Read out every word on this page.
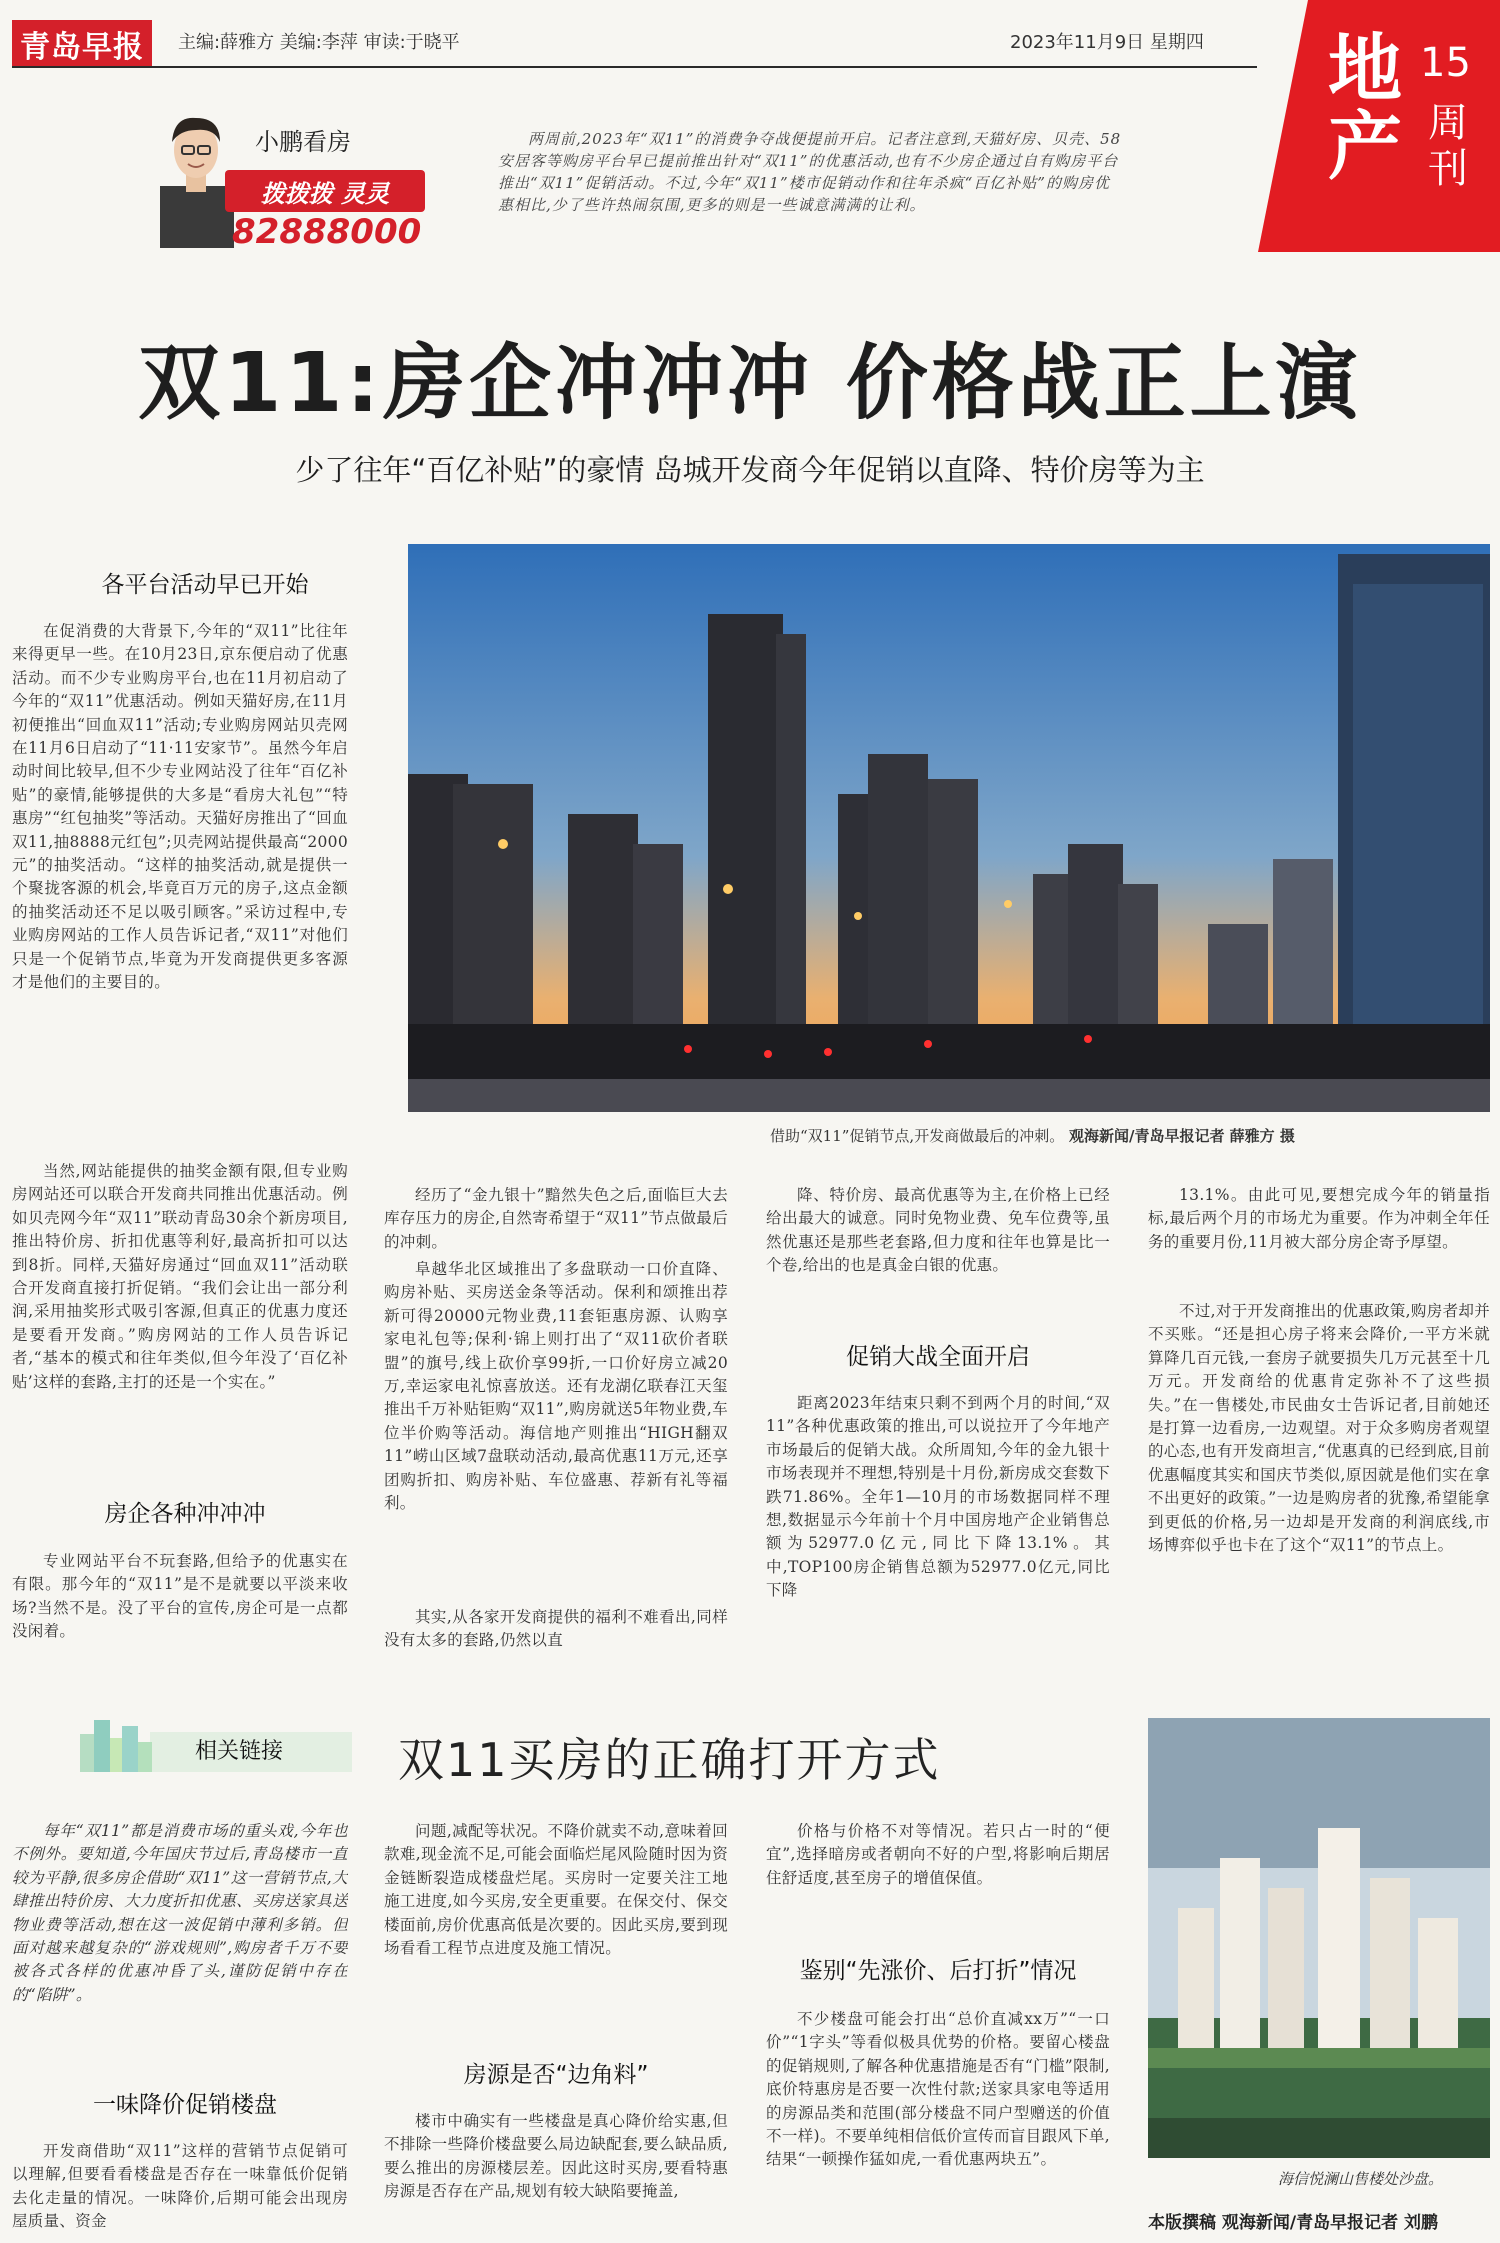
青岛早报	主编:薛雅方 美编:李萍 审读:于晓平	2023年11月9日 星期四 地产
15
周刊
小鹏看房
拨拨拨 灵灵
82888000
两周前,2023年“双11”的消费争夺战便提前开启。记者注意到,天猫好房、贝壳、58安居客等购房平台早已提前推出针对“双11”的优惠活动,也有不少房企通过自有购房平台推出“双11”促销活动。不过,今年“双11”楼市促销动作和往年杀疯“百亿补贴”的购房优惠相比,少了些许热闹氛围,更多的则是一些诚意满满的让利。
双11:房企冲冲冲 价格战正上演
少了往年“百亿补贴”的豪情 岛城开发商今年促销以直降、特价房等为主
各平台活动早已开始
在促消费的大背景下,今年的“双11”比往年来得更早一些。在10月23日,京东便启动了优惠活动。而不少专业购房平台,也在11月初启动了今年的“双11”优惠活动。例如天猫好房,在11月初便推出“回血双11”活动;专业购房网站贝壳网在11月6日启动了“11·11安家节”。虽然今年启动时间比较早,但不少专业网站没了往年“百亿补贴”的豪情,能够提供的大多是“看房大礼包”“特惠房”“红包抽奖”等活动。天猫好房推出了“回血双11,抽8888元红包”;贝壳网站提供最高“2000元”的抽奖活动。“这样的抽奖活动,就是提供一个聚拢客源的机会,毕竟百万元的房子,这点金额的抽奖活动还不足以吸引顾客。”采访过程中,专业购房网站的工作人员告诉记者,“双11”对他们只是一个促销节点,毕竟为开发商提供更多客源才是他们的主要目的。
当然,网站能提供的抽奖金额有限,但专业购房网站还可以联合开发商共同推出优惠活动。例如贝壳网今年“双11”联动青岛30余个新房项目,推出特价房、折扣优惠等利好,最高折扣可以达到8折。同样,天猫好房通过“回血双11”活动联合开发商直接打折促销。“我们会让出一部分利润,采用抽奖形式吸引客源,但真正的优惠力度还是要看开发商。”购房网站的工作人员告诉记者,“基本的模式和往年类似,但今年没了‘百亿补贴’这样的套路,主打的还是一个实在。”
房企各种冲冲冲
专业网站平台不玩套路,但给予的优惠实在有限。那今年的“双11”是不是就要以平淡来收场?当然不是。没了平台的宣传,房企可是一点都没闲着。
借助“双11”促销节点,开发商做最后的冲刺。 观海新闻/青岛早报记者 薛雅方 摄
经历了“金九银十”黯然失色之后,面临巨大去库存压力的房企,自然寄希望于“双11”节点做最后的冲刺。
阜越华北区域推出了多盘联动一口价直降、购房补贴、买房送金条等活动。保利和颂推出荐新可得20000元物业费,11套钜惠房源、认购享家电礼包等;保利·锦上则打出了“双11砍价者联盟”的旗号,线上砍价享99折,一口价好房立减20万,幸运家电礼惊喜放送。还有龙湖亿联春江天玺推出千万补贴钜购“双11”,购房就送5年物业费,车位半价购等活动。海信地产则推出“HIGH翻双11”崂山区域7盘联动活动,最高优惠11万元,还享团购折扣、购房补贴、车位盛惠、荐新有礼等福利。
其实,从各家开发商提供的福利不难看出,同样没有太多的套路,仍然以直
降、特价房、最高优惠等为主,在价格上已经给出最大的诚意。同时免物业费、免车位费等,虽然优惠还是那些老套路,但力度和往年也算是比一个卷,给出的也是真金白银的优惠。
促销大战全面开启
距离2023年结束只剩不到两个月的时间,“双11”各种优惠政策的推出,可以说拉开了今年地产市场最后的促销大战。众所周知,今年的金九银十市场表现并不理想,特别是十月份,新房成交套数下跌71.86%。全年1—10月的市场数据同样不理想,数据显示今年前十个月中国房地产企业销售总额为52977.0亿元,同比下降13.1%。其中,TOP100房企销售总额为52977.0亿元,同比下降
13.1%。由此可见,要想完成今年的销量指标,最后两个月的市场尤为重要。作为冲刺全年任务的重要月份,11月被大部分房企寄予厚望。
不过,对于开发商推出的优惠政策,购房者却并不买账。“还是担心房子将来会降价,一平方米就算降几百元钱,一套房子就要损失几万元甚至十几万元。开发商给的优惠肯定弥补不了这些损失。”在一售楼处,市民曲女士告诉记者,目前她还是打算一边看房,一边观望。对于众多购房者观望的心态,也有开发商坦言,“优惠真的已经到底,目前优惠幅度其实和国庆节类似,原因就是他们实在拿不出更好的政策。”一边是购房者的犹豫,希望能拿到更低的价格,另一边却是开发商的利润底线,市场博弈似乎也卡在了这个“双11”的节点上。
相关链接	双11买房的正确打开方式
每年“双11”都是消费市场的重头戏,今年也不例外。要知道,今年国庆节过后,青岛楼市一直较为平静,很多房企借助“双11”这一营销节点,大肆推出特价房、大力度折扣优惠、买房送家具送物业费等活动,想在这一波促销中薄利多销。但面对越来越复杂的“游戏规则”,购房者千万不要被各式各样的优惠冲昏了头,谨防促销中存在的“陷阱”。
一味降价促销楼盘
开发商借助“双11”这样的营销节点促销可以理解,但要看看楼盘是否存在一味靠低价促销去化走量的情况。一味降价,后期可能会出现房屋质量、资金
问题,减配等状况。不降价就卖不动,意味着回款难,现金流不足,可能会面临烂尾风险随时因为资金链断裂造成楼盘烂尾。买房时一定要关注工地施工进度,如今买房,安全更重要。在保交付、保交楼面前,房价优惠高低是次要的。因此买房,要到现场看看工程节点进度及施工情况。
房源是否“边角料”
楼市中确实有一些楼盘是真心降价给实惠,但不排除一些降价楼盘要么局边缺配套,要么缺品质,要么推出的房源楼层差。因此这时买房,要看特惠房源是否存在产品,规划有较大缺陷要掩盖,
价格与价格不对等情况。若只占一时的“便宜”,选择暗房或者朝向不好的户型,将影响后期居住舒适度,甚至房子的增值保值。
鉴别“先涨价、后打折”情况
不少楼盘可能会打出“总价直减xx万”“一口价”“1字头”等看似极具优势的价格。要留心楼盘的促销规则,了解各种优惠措施是否有“门槛”限制,底价特惠房是否要一次性付款;送家具家电等适用的房源品类和范围(部分楼盘不同户型赠送的价值不一样)。不要单纯相信低价宣传而盲目跟风下单,结果“一顿操作猛如虎,一看优惠两块五”。
海信悦澜山售楼处沙盘。
本版撰稿 观海新闻/青岛早报记者 刘鹏
